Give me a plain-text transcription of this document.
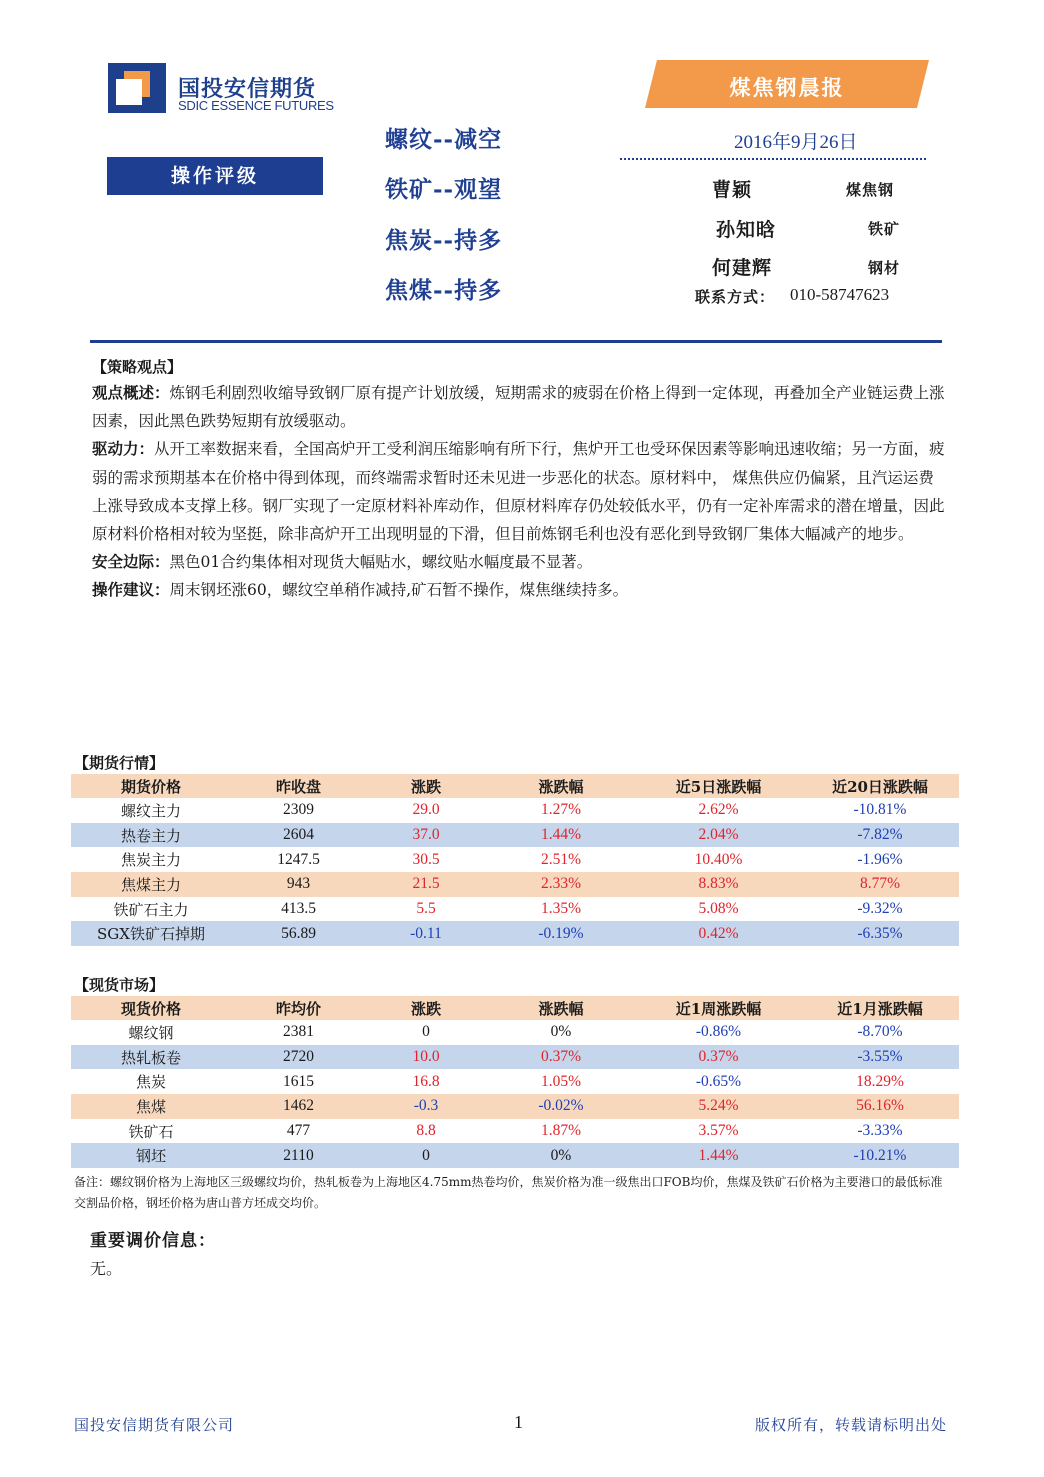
国投安信期货
SDIC ESSENCE FUTURES
煤焦钢晨报
操作评级
螺纹--减空
铁矿--观望
焦炭--持多
焦煤--持多
2016年9月26日
曹颖	煤焦钢
孙知晗	铁矿
何建辉	钢材
联系方式： 010-58747623
【策略观点】

观点概述：炼钢毛利剧烈收缩导致钢厂原有提产计划放缓，短期需求的疲弱在价格上得到一定体现，再叠加全产业链运费上涨因素，因此黑色跌势短期有放缓驱动。

驱动力：从开工率数据来看，全国高炉开工受利润压缩影响有所下行，焦炉开工也受环保因素等影响迅速收缩；另一方面，疲弱的需求预期基本在价格中得到体现，而终端需求暂时还未见进一步恶化的状态。原材料中， 煤焦供应仍偏紧，且汽运运费上涨导致成本支撑上移。钢厂实现了一定原材料补库动作，但原材料库存仍处较低水平，仍有一定补库需求的潜在增量，因此原材料价格相对较为坚挺，除非高炉开工出现明显的下滑，但目前炼钢毛利也没有恶化到导致钢厂集体大幅减产的地步。

安全边际：黑色01合约集体相对现货大幅贴水，螺纹贴水幅度最不显著。

操作建议：周末钢坯涨60，螺纹空单稍作减持,矿石暂不操作，煤焦继续持多。

【期货行情】
期货价格	昨收盘	涨跌	涨跌幅	近5日涨跌幅	近20日涨跌幅
螺纹主力	2309	29.0	1.27%	2.62%	-10.81%
热卷主力	2604	37.0	1.44%	2.04%	-7.82%
焦炭主力	1247.5	30.5	2.51%	10.40%	-1.96%
焦煤主力	943	21.5	2.33%	8.83%	8.77%
铁矿石主力	413.5	5.5	1.35%	5.08%	-9.32%
SGX铁矿石掉期	56.89	-0.11	-0.19%	0.42%	-6.35%
【现货市场】
现货价格	昨均价	涨跌	涨跌幅	近1周涨跌幅	近1月涨跌幅
螺纹钢	2381	0	0%	-0.86%	-8.70%
热轧板卷	2720	10.0	0.37%	0.37%	-3.55%
焦炭	1615	16.8	1.05%	-0.65%	18.29%
焦煤	1462	-0.3	-0.02%	5.24%	56.16%
铁矿石	477	8.8	1.87%	3.57%	-3.33%
钢坯	2110	0	0%	1.44%	-10.21%
备注：螺纹钢价格为上海地区三级螺纹均价，热轧板卷为上海地区4.75mm热卷均价，焦炭价格为准一级焦出口FOB均价，焦煤及铁矿石价格为主要港口的最低标准交割品价格，钢坯价格为唐山普方坯成交均价。
重要调价信息：
无。
国投安信期货有限公司	1	版权所有，转载请标明出处
